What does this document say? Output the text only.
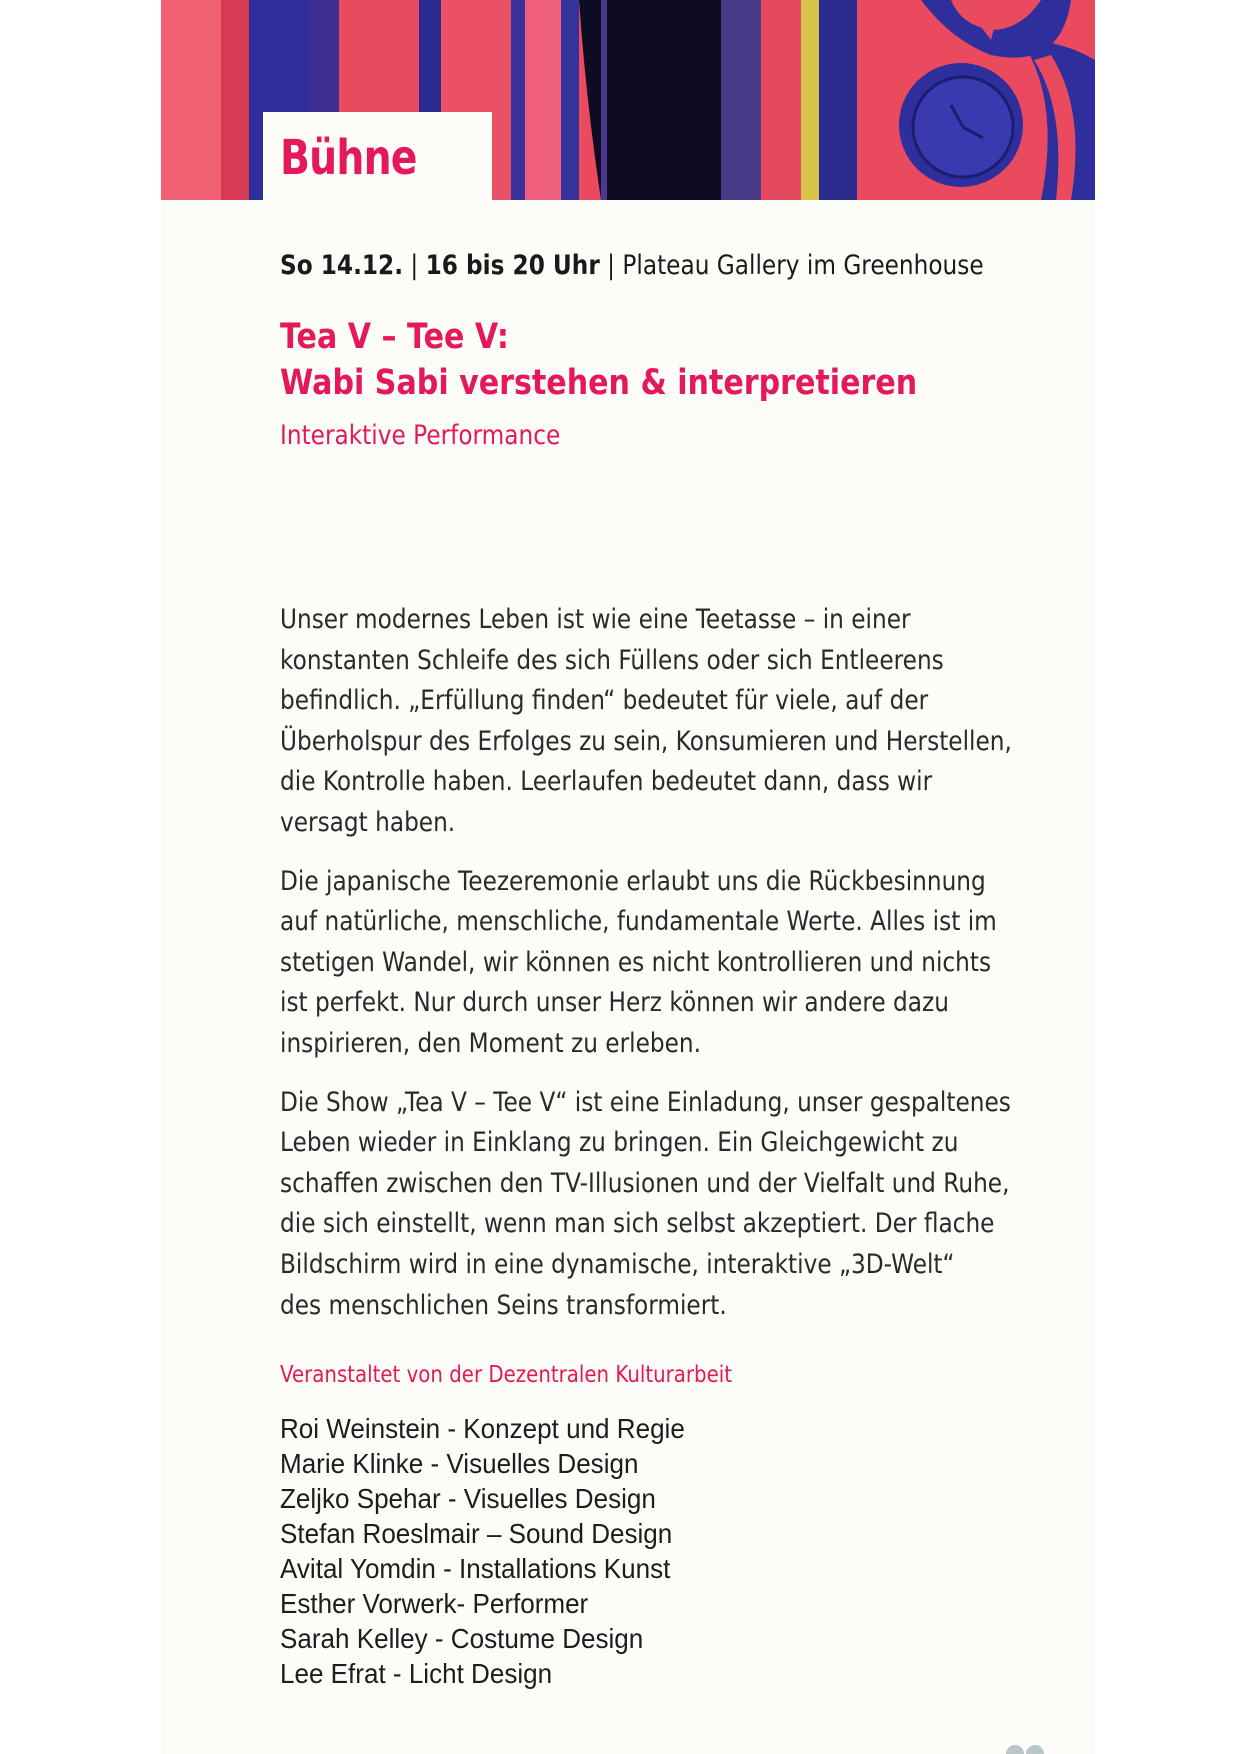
Bühne
So 14.12. | 16 bis 20 Uhr | Plateau Gallery im Greenhouse
Tea V – Tee V:
Wabi Sabi verstehen & interpretieren
Interaktive Performance

Unser modernes Leben ist wie eine Teetasse – in einer
konstanten Schleife des sich Füllens oder sich Entleerens
befindlich. „Erfüllung finden“ bedeutet für viele, auf der
Überholspur des Erfolges zu sein, Konsumieren und Herstellen,
die Kontrolle haben. Leerlaufen bedeutet dann, dass wir
versagt haben.

Die japanische Teezeremonie erlaubt uns die Rückbesinnung
auf natürliche, menschliche, fundamentale Werte. Alles ist im
stetigen Wandel, wir können es nicht kontrollieren und nichts
ist perfekt. Nur durch unser Herz können wir andere dazu
inspirieren, den Moment zu erleben.

Die Show „Tea V – Tee V“ ist eine Einladung, unser gespaltenes
Leben wieder in Einklang zu bringen. Ein Gleichgewicht zu
schaffen zwischen den TV-Illusionen und der Vielfalt und Ruhe,
die sich einstellt, wenn man sich selbst akzeptiert. Der flache
Bildschirm wird in eine dynamische, interaktive „3D-Welt“
des menschlichen Seins transformiert.

Veranstaltet von der Dezentralen Kulturarbeit
Roi Weinstein - Konzept und Regie
Marie Klinke - Visuelles Design
Zeljko Spehar - Visuelles Design
Stefan Roeslmair – Sound Design
Avital Yomdin - Installations Kunst
Esther Vorwerk- Performer
Sarah Kelley - Costume Design
Lee Efrat - Licht Design
